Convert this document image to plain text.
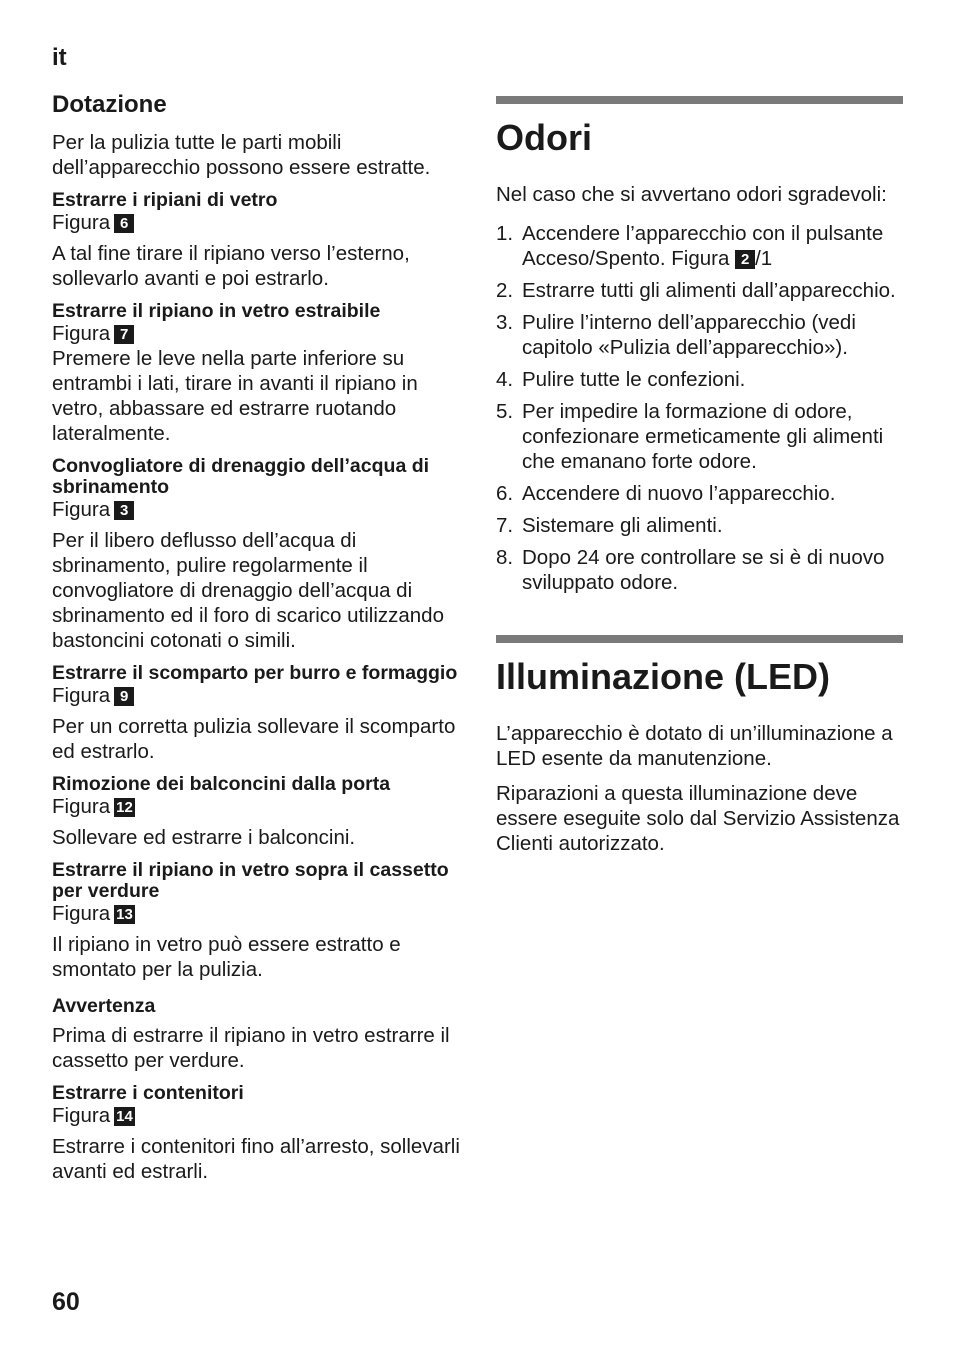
it
Dotazione

Per la pulizia tutte le parti mobili dell’apparecchio possono essere estratte.

Estrarre i ripiani di vetro

Figura 6

A tal fine tirare il ripiano verso l’esterno, sollevarlo avanti e poi estrarlo.

Estrarre il ripiano in vetro estraibile

Figura 7

Premere le leve nella parte inferiore su entrambi i lati, tirare in avanti il ripiano in vetro, abbassare ed estrarre ruotando lateralmente.

Convogliatore di drenaggio dell’acqua di sbrinamento

Figura 3

Per il libero deflusso dell’acqua di sbrinamento, pulire regolarmente il convogliatore di drenaggio dell’acqua di sbrinamento ed il foro di scarico utilizzando bastoncini cotonati o simili.

Estrarre il scomparto per burro e formaggio

Figura 9

Per un corretta pulizia sollevare il scomparto ed estrarlo.

Rimozione dei balconcini dalla porta

Figura 12

Sollevare ed estrarre i balconcini.

Estrarre il ripiano in vetro sopra il cassetto per verdure

Figura 13

Il ripiano in vetro può essere estratto e smontato per la pulizia.

Avvertenza

Prima di estrarre il ripiano in vetro estrarre il cassetto per verdure.

Estrarre i contenitori

Figura 14

Estrarre i contenitori fino all’arresto, sollevarli avanti ed estrarli.

Odori

Nel caso che si avvertano odori sgradevoli:

1. Accendere l’apparecchio con il pulsante Acceso/Spento. Figura 2 /1
2. Estrarre tutti gli alimenti dall’apparecchio.
3. Pulire l’interno dell’apparecchio (vedi capitolo «Pulizia dell’apparecchio»).
4. Pulire tutte le confezioni.
5. Per impedire la formazione di odore, confezionare ermeticamente gli alimenti che emanano forte odore.
6. Accendere di nuovo l’apparecchio.
7. Sistemare gli alimenti.
8. Dopo 24 ore controllare se si è di nuovo sviluppato odore.
Illuminazione (LED)

L’apparecchio è dotato di un’illuminazione a LED esente da manutenzione.

Riparazioni a questa illuminazione deve essere eseguite solo dal Servizio Assistenza Clienti autorizzato.

60
